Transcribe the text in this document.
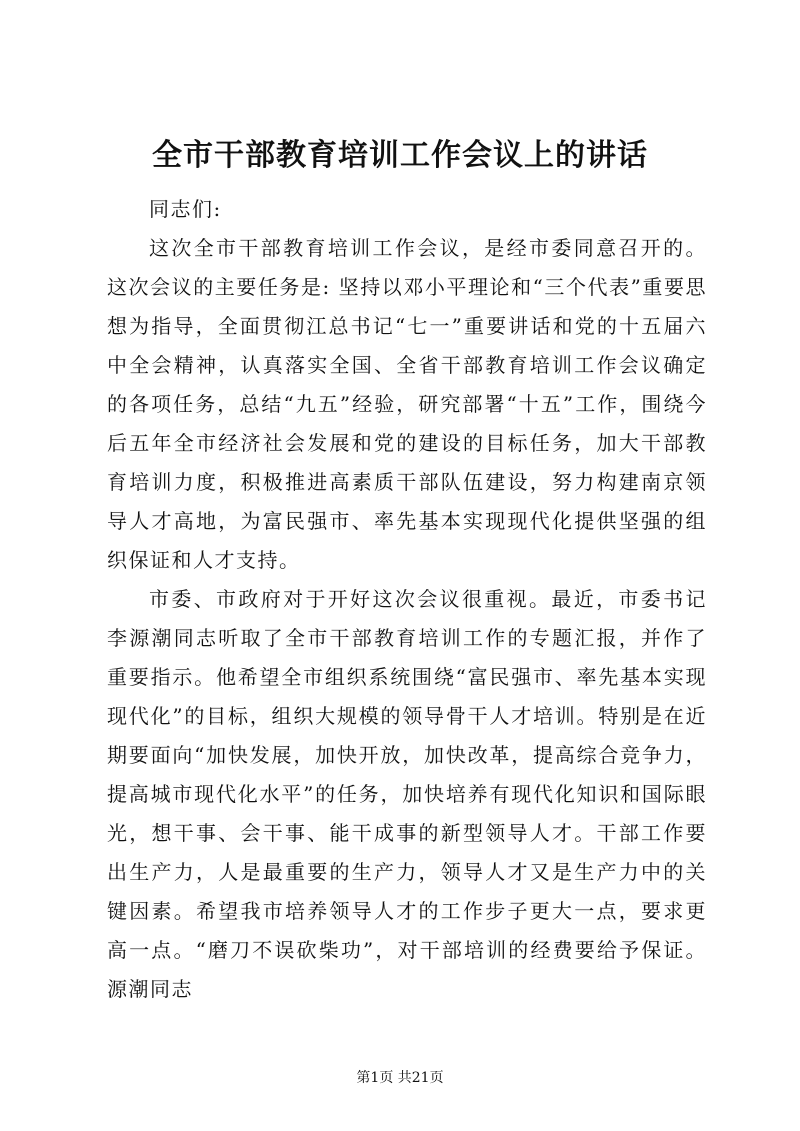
全市干部教育培训工作会议上的讲话
同志们:

这次全市干部教育培训工作会议，是经市委同意召开的。这次会议的主要任务是: 坚持以邓小平理论和“三个代表”重要思想为指导，全面贯彻江总书记“七一”重要讲话和党的十五届六中全会精神，认真落实全国、全省干部教育培训工作会议确定的各项任务，总结“九五”经验，研究部署“十五”工作，围绕今后五年全市经济社会发展和党的建设的目标任务，加大干部教育培训力度，积极推进高素质干部队伍建设，努力构建南京领导人才高地，为富民强市、率先基本实现现代化提供坚强的组织保证和人才支持。

市委、市政府对于开好这次会议很重视。最近，市委书记李源潮同志听取了全市干部教育培训工作的专题汇报，并作了重要指示。他希望全市组织系统围绕“富民强市、率先基本实现现代化”的目标，组织大规模的领导骨干人才培训。特别是在近期要面向“加快发展，加快开放，加快改革，提高综合竞争力，提高城市现代化水平”的任务，加快培养有现代化知识和国际眼光，想干事、会干事、能干成事的新型领导人才。干部工作要出生产力，人是最重要的生产力，领导人才又是生产力中的关键因素。希望我市培养领导人才的工作步子更大一点，要求更高一点。“磨刀不误砍柴功”，对干部培训的经费要给予保证。源潮同志

第1页 共21页
